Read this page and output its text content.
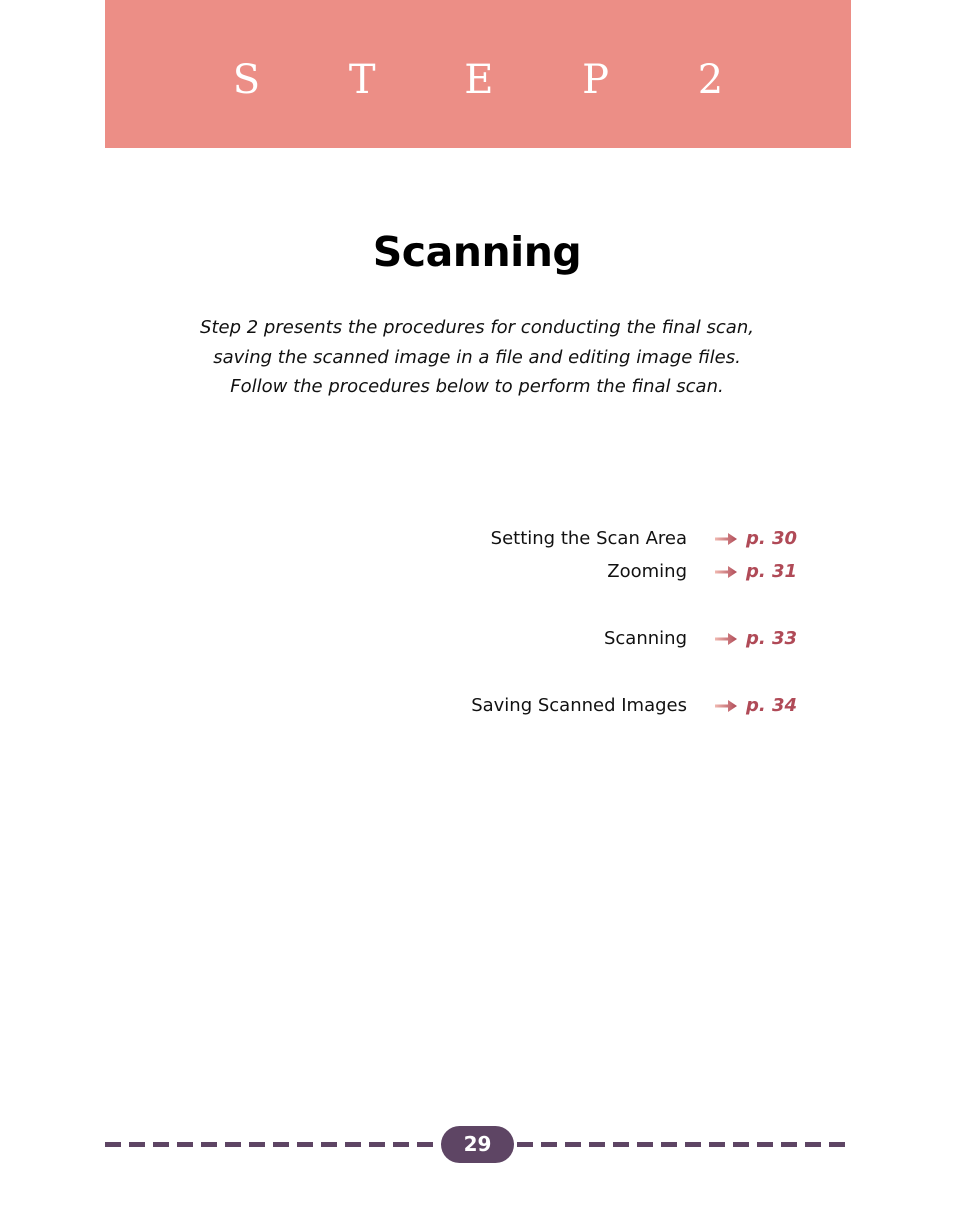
S T E P 2
Scanning
Step 2 presents the procedures for conducting the final scan,
saving the scanned image in a file and editing image files.
Follow the procedures below to perform the final scan.
Setting the Scan Area	p. 30
Zooming	p. 31
Scanning	p. 33
Saving Scanned Images	p. 34
29
